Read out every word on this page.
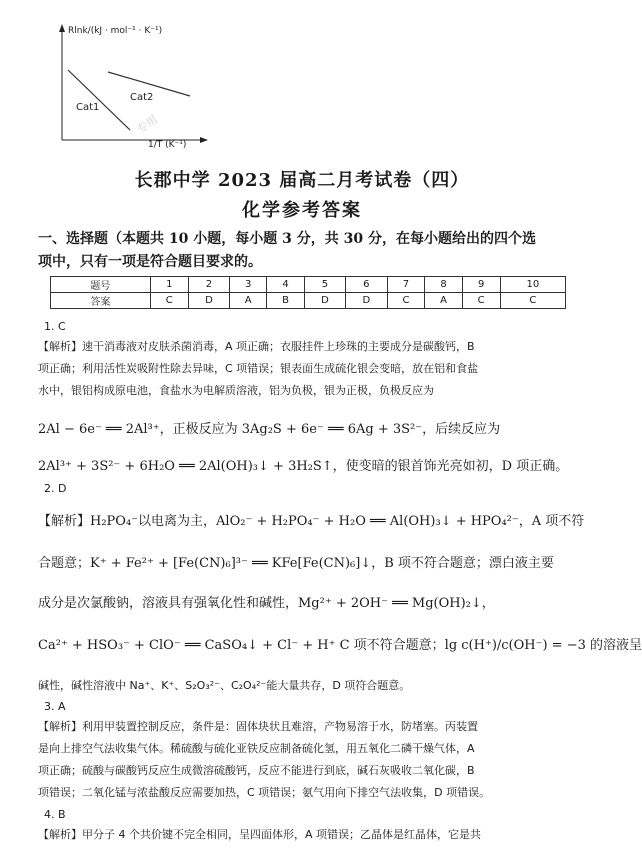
Rlnk/(kJ · mol⁻¹ · K⁻¹)
Cat1
Cat2
1/T (K⁻¹)
专用
长郡中学 2023 届高二月考试卷（四）
化学参考答案
一、选择题（本题共 10 小题，每小题 3 分，共 30 分，在每小题给出的四个选
项中，只有一项是符合题目要求的。
题号	1	2	3	4	5	6	7	8	9	10
答案	C	D	A	B	D	D	C	A	C	C
1. C
【解析】速干消毒液对皮肤杀菌消毒，A 项正确；衣服挂件上珍珠的主要成分是碳酸钙，B
项正确；利用活性炭吸附性除去异味，C 项错误；银表面生成硫化银会变暗，放在铝和食盐
水中，银铝构成原电池，食盐水为电解质溶液，铝为负极，银为正极，负极反应为
2Al − 6e⁻ ══ 2Al³⁺，正极反应为 3Ag₂S + 6e⁻ ══ 6Ag + 3S²⁻，后续反应为
2Al³⁺ + 3S²⁻ + 6H₂O ══ 2Al(OH)₃↓ + 3H₂S↑，使变暗的银首饰光亮如初，D 项正确。
2. D
【解析】H₂PO₄⁻以电离为主，AlO₂⁻ + H₂PO₄⁻ + H₂O ══ Al(OH)₃↓ + HPO₄²⁻，A 项不符
合题意；K⁺ + Fe²⁺ + [Fe(CN)₆]³⁻ ══ KFe[Fe(CN)₆]↓，B 项不符合题意；漂白液主要
成分是次氯酸钠，溶液具有强氧化性和碱性，Mg²⁺ + 2OH⁻ ══ Mg(OH)₂↓，
Ca²⁺ + HSO₃⁻ + ClO⁻ ══ CaSO₄↓ + Cl⁻ + H⁺ C 项不符合题意；lg c(H⁺)/c(OH⁻) = −3 的溶液呈
碱性，碱性溶液中 Na⁺、K⁺、S₂O₃²⁻、C₂O₄²⁻能大量共存，D 项符合题意。
3. A
【解析】利用甲装置控制反应，条件是：固体块状且难溶，产物易溶于水，防堵塞。丙装置
是向上排空气法收集气体。稀硫酸与硫化亚铁反应制备硫化氢，用五氧化二磷干燥气体，A
项正确；硫酸与碳酸钙反应生成微溶硫酸钙，反应不能进行到底，碱石灰吸收二氧化碳，B
项错误；二氧化锰与浓盐酸反应需要加热，C 项错误；氨气用向下排空气法收集，D 项错误。
4. B
【解析】甲分子 4 个共价键不完全相同，呈四面体形，A 项错误；乙晶体是红晶体，它是共
